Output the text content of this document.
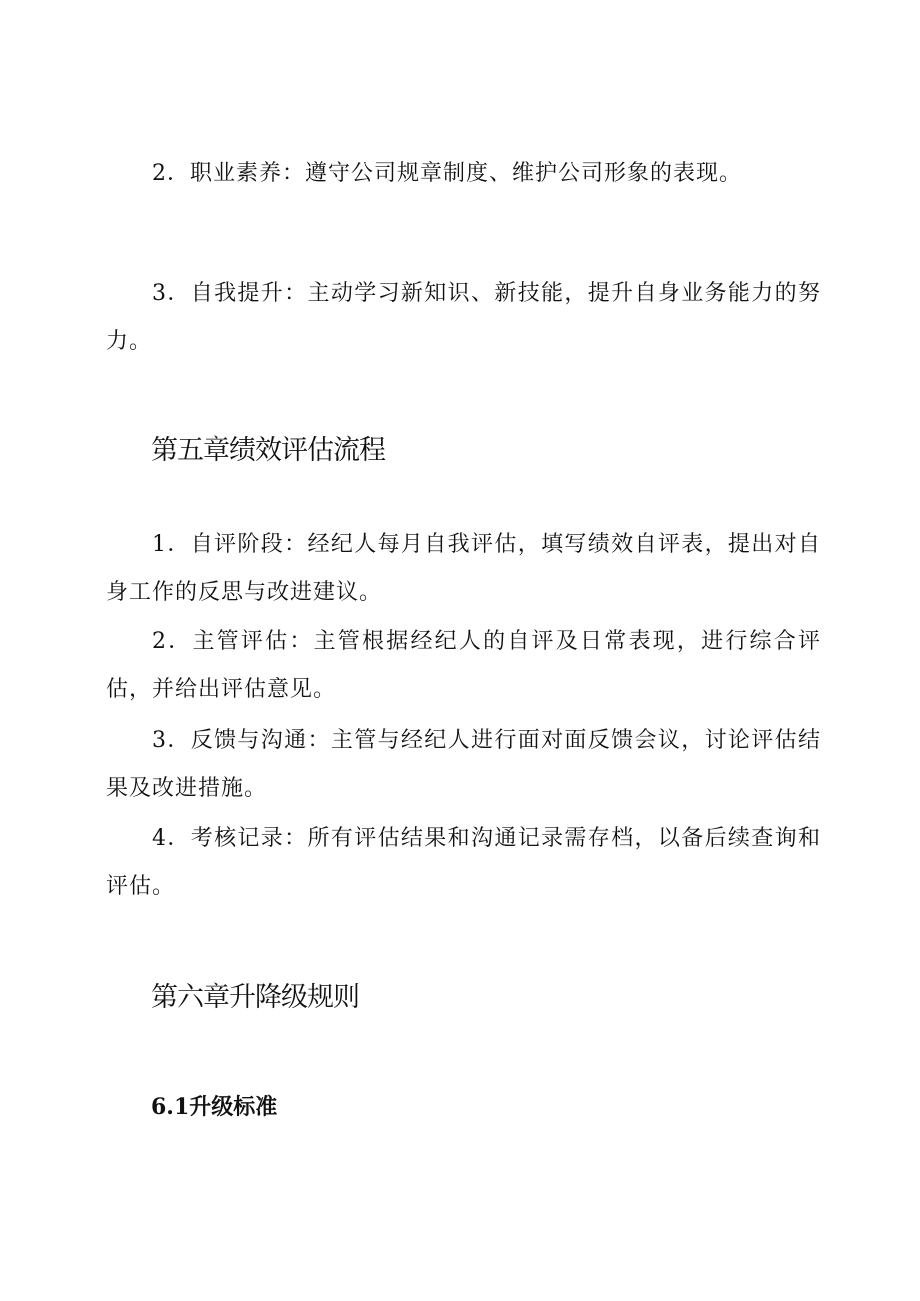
2．职业素养：遵守公司规章制度、维护公司形象的表现。

3．自我提升：主动学习新知识、新技能，提升自身业务能力的努力。

第五章绩效评估流程

1．自评阶段：经纪人每月自我评估，填写绩效自评表，提出对自身工作的反思与改进建议。

2．主管评估：主管根据经纪人的自评及日常表现，进行综合评估，并给出评估意见。

3．反馈与沟通：主管与经纪人进行面对面反馈会议，讨论评估结果及改进措施。

4．考核记录：所有评估结果和沟通记录需存档，以备后续查询和评估。

第六章升降级规则
6.1升级标准
